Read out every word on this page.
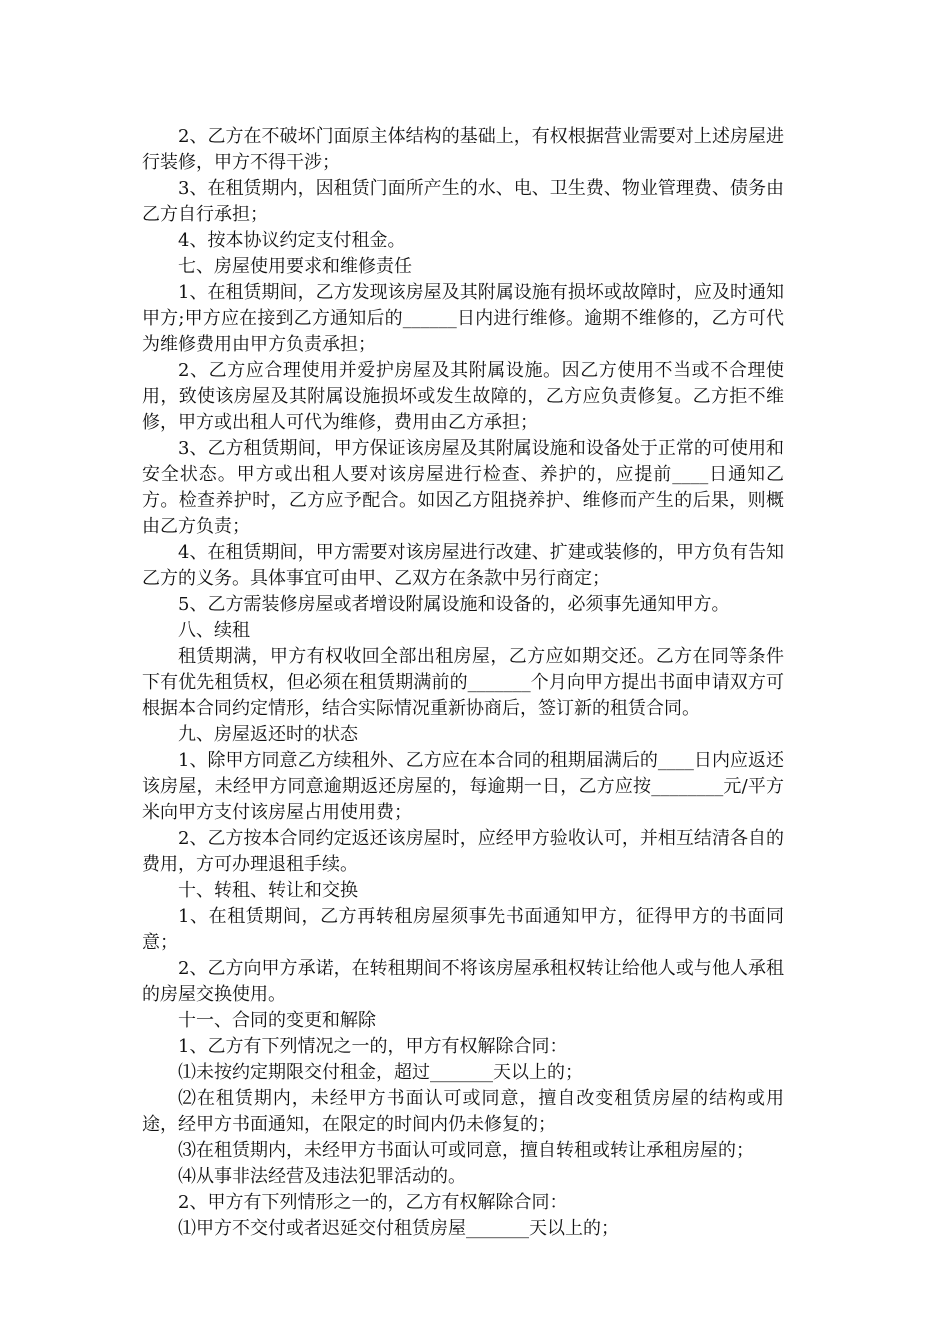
2、乙方在不破坏门面原主体结构的基础上，有权根据营业需要对上述房屋进行装修，甲方不得干涉；

3、在租赁期内，因租赁门面所产生的水、电、卫生费、物业管理费、债务由乙方自行承担；

4、按本协议约定支付租金。

七、房屋使用要求和维修责任

1、在租赁期间，乙方发现该房屋及其附属设施有损坏或故障时，应及时通知甲方;甲方应在接到乙方通知后的______日内进行维修。逾期不维修的，乙方可代为维修费用由甲方负责承担；

2、乙方应合理使用并爱护房屋及其附属设施。因乙方使用不当或不合理使用，致使该房屋及其附属设施损坏或发生故障的，乙方应负责修复。乙方拒不维修，甲方或出租人可代为维修，费用由乙方承担；

3、乙方租赁期间，甲方保证该房屋及其附属设施和设备处于正常的可使用和安全状态。甲方或出租人要对该房屋进行检查、养护的，应提前____日通知乙方。检查养护时，乙方应予配合。如因乙方阻挠养护、维修而产生的后果，则概由乙方负责；

4、在租赁期间，甲方需要对该房屋进行改建、扩建或装修的，甲方负有告知乙方的义务。具体事宜可由甲、乙双方在条款中另行商定；

5、乙方需装修房屋或者增设附属设施和设备的，必须事先通知甲方。

八、续租

租赁期满，甲方有权收回全部出租房屋，乙方应如期交还。乙方在同等条件下有优先租赁权，但必须在租赁期满前的_______个月向甲方提出书面申请双方可根据本合同约定情形，结合实际情况重新协商后，签订新的租赁合同。

九、房屋返还时的状态

1、除甲方同意乙方续租外、乙方应在本合同的租期届满后的____日内应返还该房屋，未经甲方同意逾期返还房屋的，每逾期一日，乙方应按________元/平方米向甲方支付该房屋占用使用费；

2、乙方按本合同约定返还该房屋时，应经甲方验收认可，并相互结清各自的费用，方可办理退租手续。

十、转租、转让和交换

1、在租赁期间，乙方再转租房屋须事先书面通知甲方，征得甲方的书面同意；

2、乙方向甲方承诺，在转租期间不将该房屋承租权转让给他人或与他人承租的房屋交换使用。

十一、合同的变更和解除

1、乙方有下列情况之一的，甲方有权解除合同：

⑴未按约定期限交付租金，超过_______天以上的；

⑵在租赁期内，未经甲方书面认可或同意，擅自改变租赁房屋的结构或用途，经甲方书面通知，在限定的时间内仍未修复的；

⑶在租赁期内，未经甲方书面认可或同意，擅自转租或转让承租房屋的；

⑷从事非法经营及违法犯罪活动的。

2、甲方有下列情形之一的，乙方有权解除合同：

⑴甲方不交付或者迟延交付租赁房屋_______天以上的；
